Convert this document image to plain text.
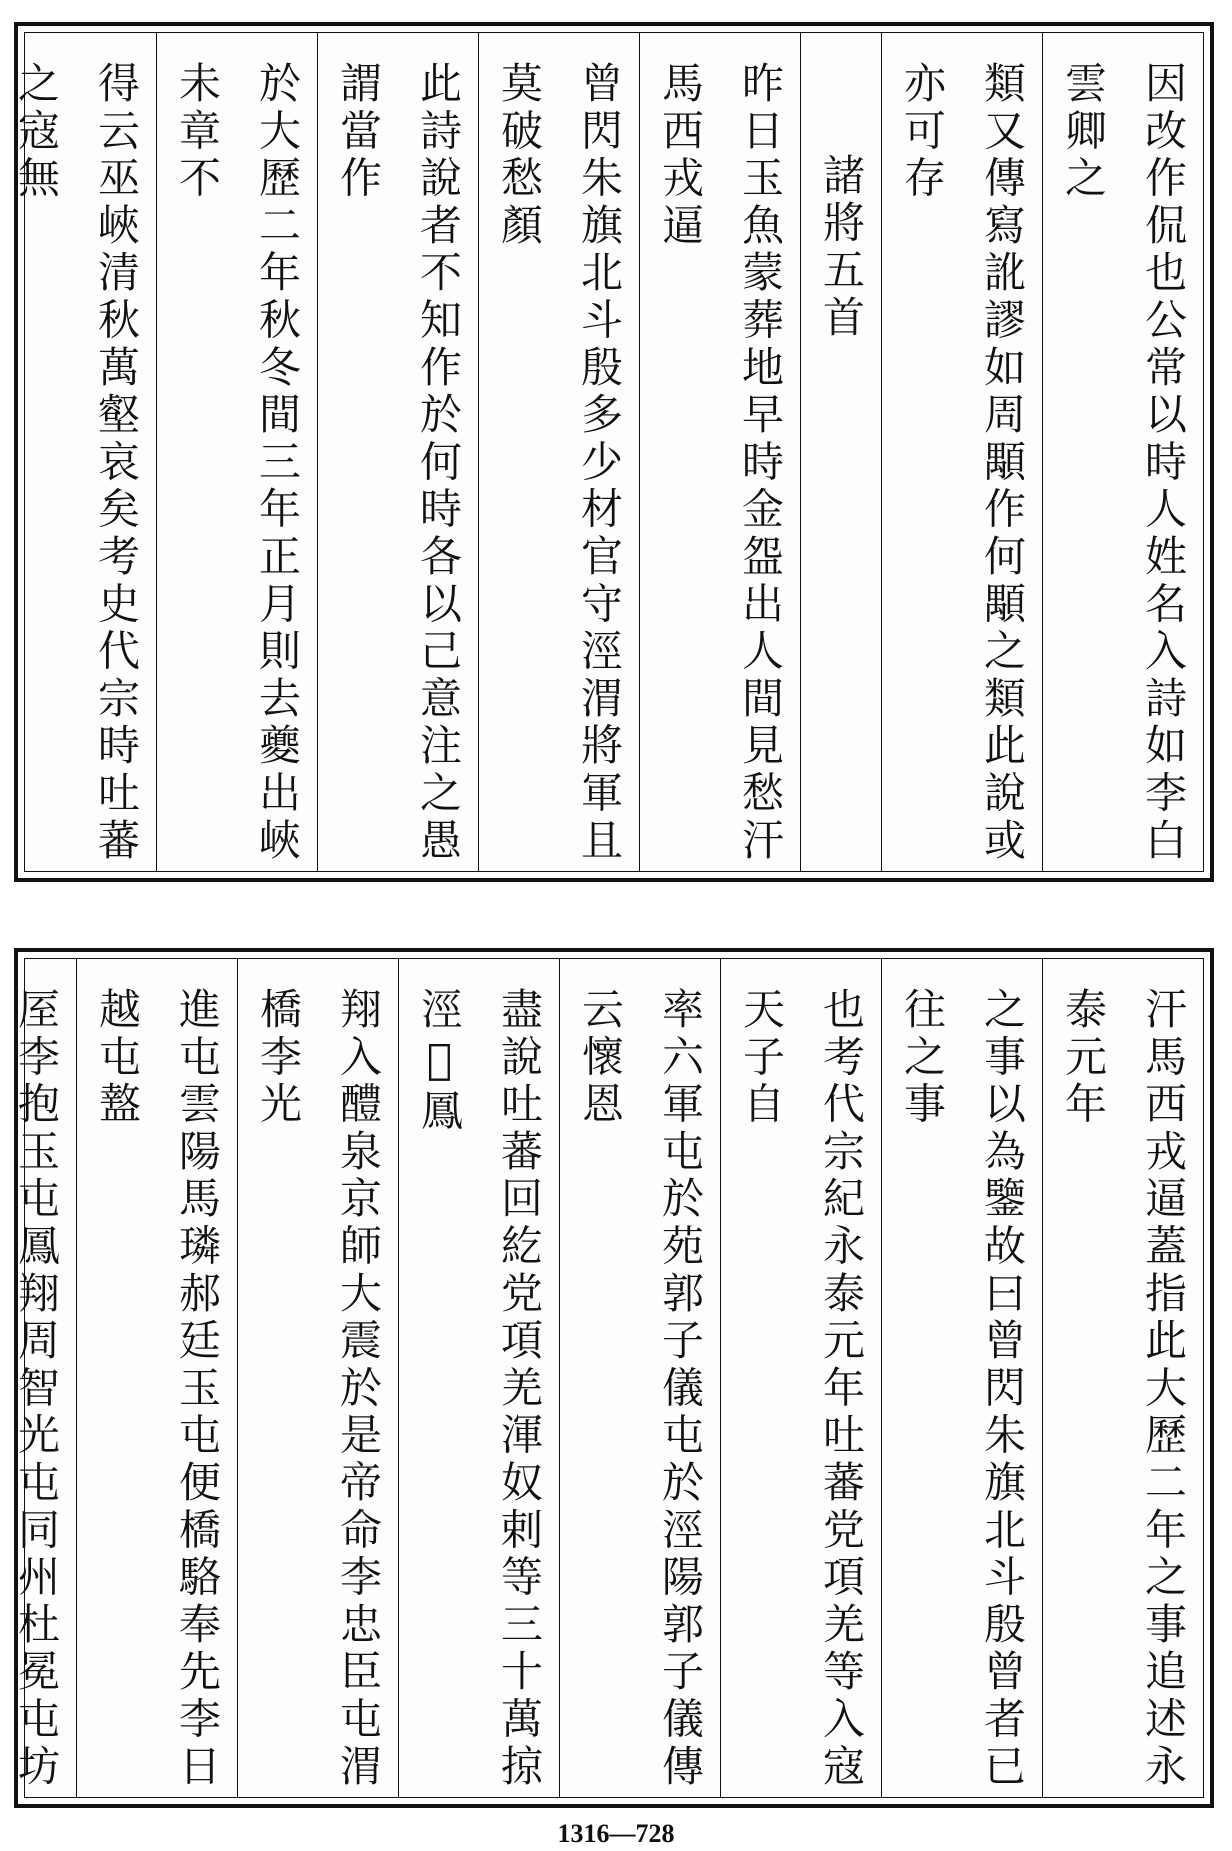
因改作侃也公常以時人姓名入詩如李白雲卿之
類又傳寫訛謬如周顒作何顒之類此說或亦可存
諸將五首
昨日玉魚蒙葬地早時金盌出人間見愁汗馬西戎逼
曾閃朱旗北斗殷多少材官守涇渭將軍且莫破愁顏
此詩說者不知作於何時各以己意注之愚謂當作
於大歷二年秋冬間三年正月則去夔出峽未章不
得云巫峽清秋萬壑哀矣考史代宗時吐蕃之寇無
汗馬西戎逼蓋指此大歷二年之事追述永泰元年
之事以為鑒故曰曾閃朱旗北斗殷曾者已往之事
也考代宗紀永泰元年吐蕃党項羌等入寇天子自
率六軍屯於苑郭子儀屯於涇陽郭子儀傳云懷恩
盡說吐蕃回紇党項羌渾奴剌等三十萬掠涇𨃏鳳
翔入醴泉京師大震於是帝命李忠臣屯渭橋李光
進屯雲陽馬璘郝廷玉屯便橋駱奉先李日越屯盩
厔李抱玉屯鳳翔周智光屯同州杜冕屯坊
1316—728
